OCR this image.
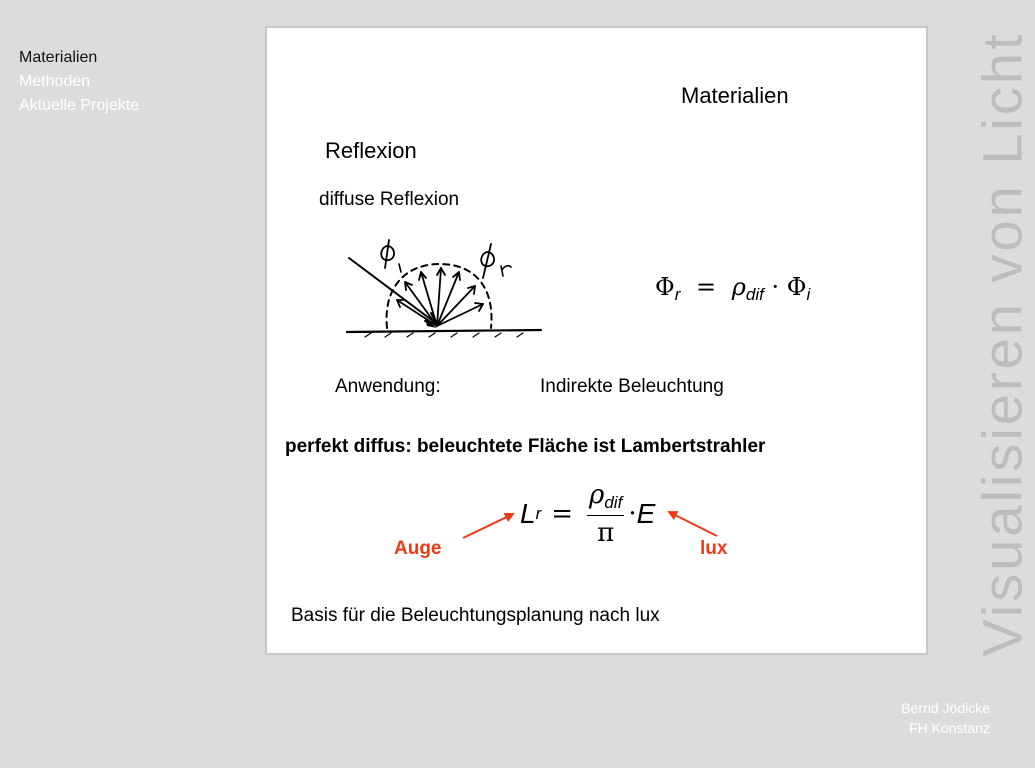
Materialien
Methoden
Aktuelle Projekte	Visualisieren von Licht
Bernd Jödicke
FH Konstanz
Materialien
Reflexion
diffuse Reflexion
$\Phi_r = \rho_{dif} \cdot \Phi_i$
Anwendung:	Indirekte Beleuchtung
perfekt diffus: beleuchtete Fläche ist Lambertstrahler
L $r = \frac{\rho_{dif}}{\pi} \cdot E$
Auge	lux
Basis für die Beleuchtungsplanung nach lux
